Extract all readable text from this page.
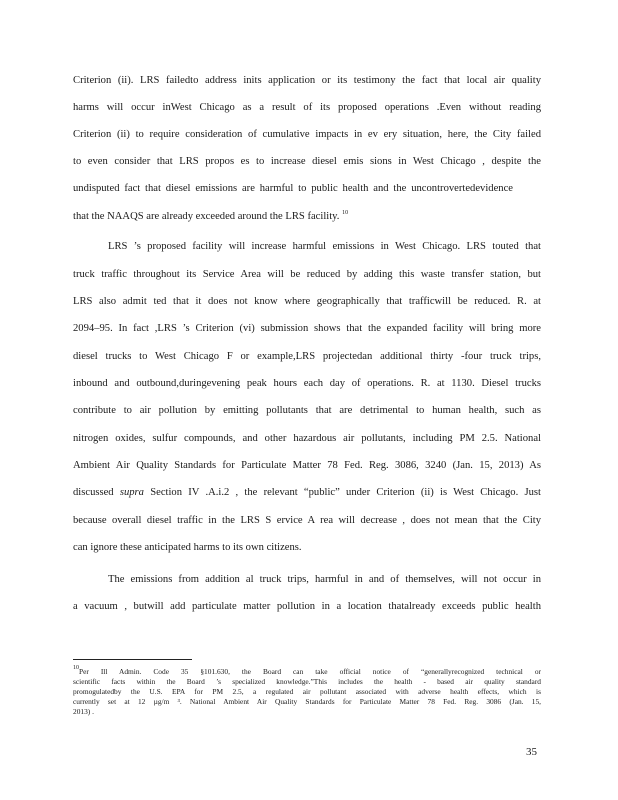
Criterion (ii). LRS failedto address inits application or its testimony the fact that local air quality
harms will occur inWest Chicago as a result of its proposed operations .Even without reading
Criterion (ii) to require consideration of cumulative impacts in ev ery situation, here, the City failed
to even consider that LRS propos es to increase diesel emis sions in West Chicago , despite the
undisputed fact that diesel emissions are harmful to public health and the uncontrovertedevidence
that the NAAQS are already exceeded around the LRS facility. $^{10}$
LRS ’s proposed facility will increase harmful emissions in West Chicago. LRS touted that
truck traffic throughout its Service Area will be reduced by adding this waste transfer station, but
LRS also admit ted that it does not know where geographically that trafficwill be reduced. R. at
2094–95. In fact ,LRS ’s Criterion (vi) submission shows that the expanded facility will bring more
diesel trucks to West Chicago F or example,LRS projectedan additional thirty -four truck trips,
inbound and outbound,duringevening peak hours each day of operations. R. at 1130. Diesel trucks
contribute to air pollution by emitting pollutants that are detrimental to human health, such as
nitrogen oxides, sulfur compounds, and other hazardous air pollutants, including PM 2.5. National
Ambient Air Quality Standards for Particulate Matter 78 Fed. Reg. 3086, 3240 (Jan. 15, 2013) As
discussed supra Section IV .A.i.2 , the relevant “public” under Criterion (ii) is West Chicago. Just
because overall diesel traffic in the LRS S ervice A rea will decrease , does not mean that the City
can ignore these anticipated harms to its own citizens.
The emissions from addition al truck trips, harmful in and of themselves, will not occur in
a vacuum , butwill add particulate matter pollution in a location thatalready exceeds public health
$^{10}$Per Ill Admin. Code 35 §101.630, the Board can take official notice of “generallyrecognized technical or
scientific facts within the Board ’s specialized knowledge.”This includes the health - based air quality standard
promogulatedby the U.S. EPA for PM 2.5, a regulated air pollutant associated with adverse health effects, which is
currently set at 12 µg/m ³. National Ambient Air Quality Standards for Particulate Matter 78 Fed. Reg. 3086 (Jan. 15,
2013) .
35
